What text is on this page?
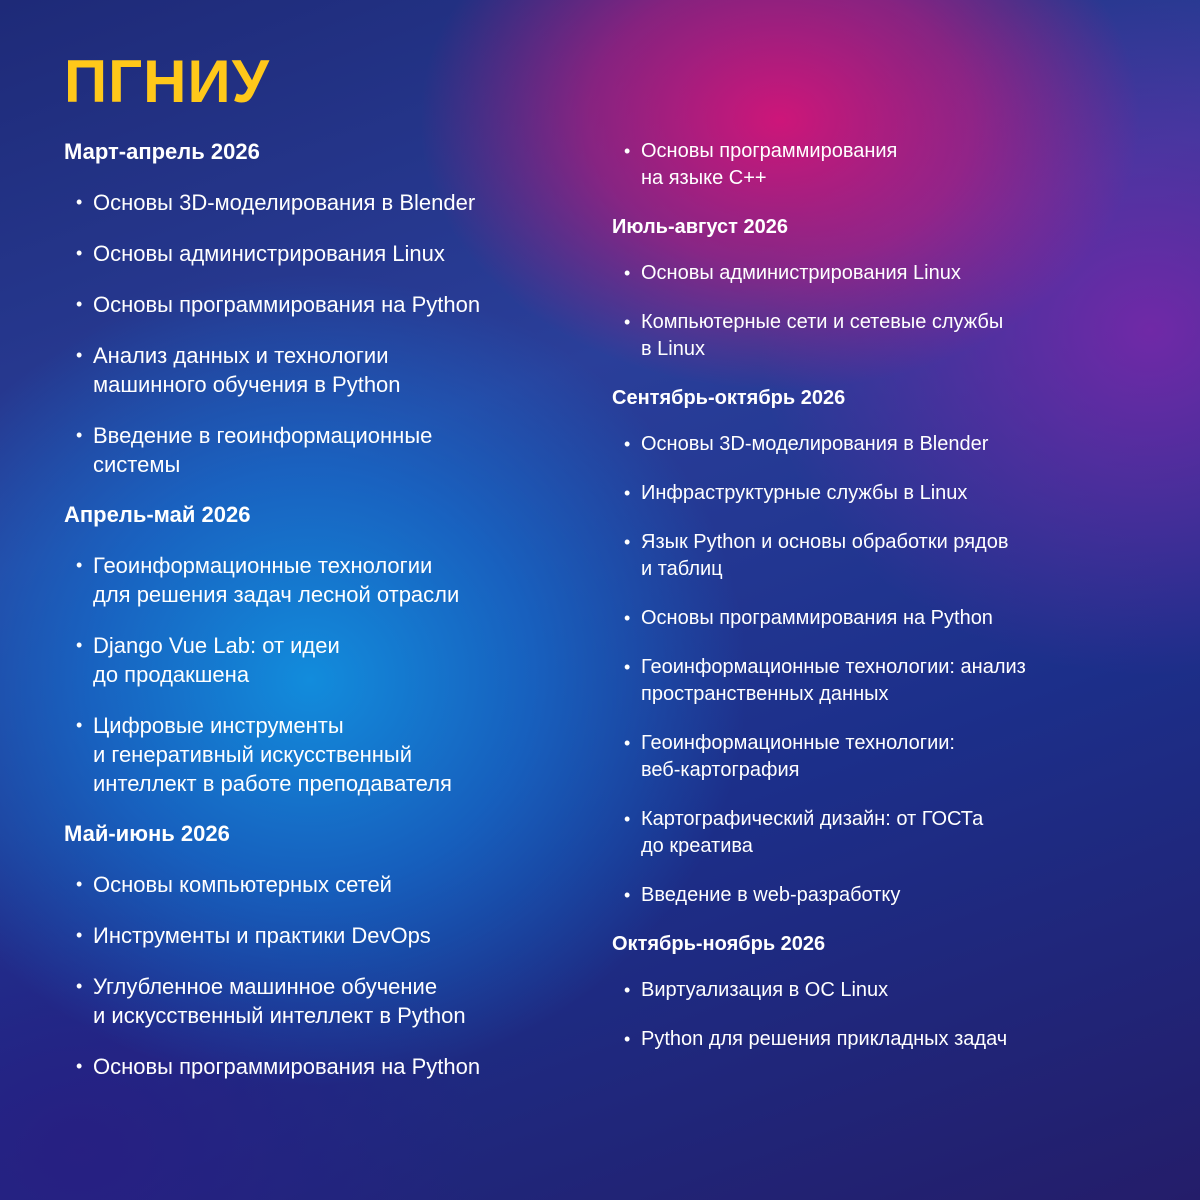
ПГНИУ
Март-апрель 2026
• Основы 3D-моделирования в Blender
• Основы администрирования Linux
• Основы программирования на Python
• Анализ данных и технологии
машинного обучения в Python
• Введение в геоинформационные
системы
Апрель-май 2026
• Геоинформационные технологии
для решения задач лесной отрасли
• Django Vue Lab: от идеи
до продакшена
• Цифровые инструменты
и генеративный искусственный
интеллект в работе преподавателя
Май-июнь 2026
• Основы компьютерных сетей
• Инструменты и практики DevOps
• Углубленное машинное обучение
и искусственный интеллект в Python
• Основы программирования на Python
• Основы программирования
на языке С++
Июль-август 2026
• Основы администрирования Linux
• Компьютерные сети и сетевые службы
в Linux
Сентябрь-октябрь 2026
• Основы 3D-моделирования в Blender
• Инфраструктурные службы в Linux
• Язык Python и основы обработки рядов
и таблиц
• Основы программирования на Python
• Геоинформационные технологии: анализ
пространственных данных
• Геоинформационные технологии:
веб-картография
• Картографический дизайн: от ГОСТа
до креатива
• Введение в web-разработку
Октябрь-ноябрь 2026
• Виртуализация в ОС Linux
• Python для решения прикладных задач
